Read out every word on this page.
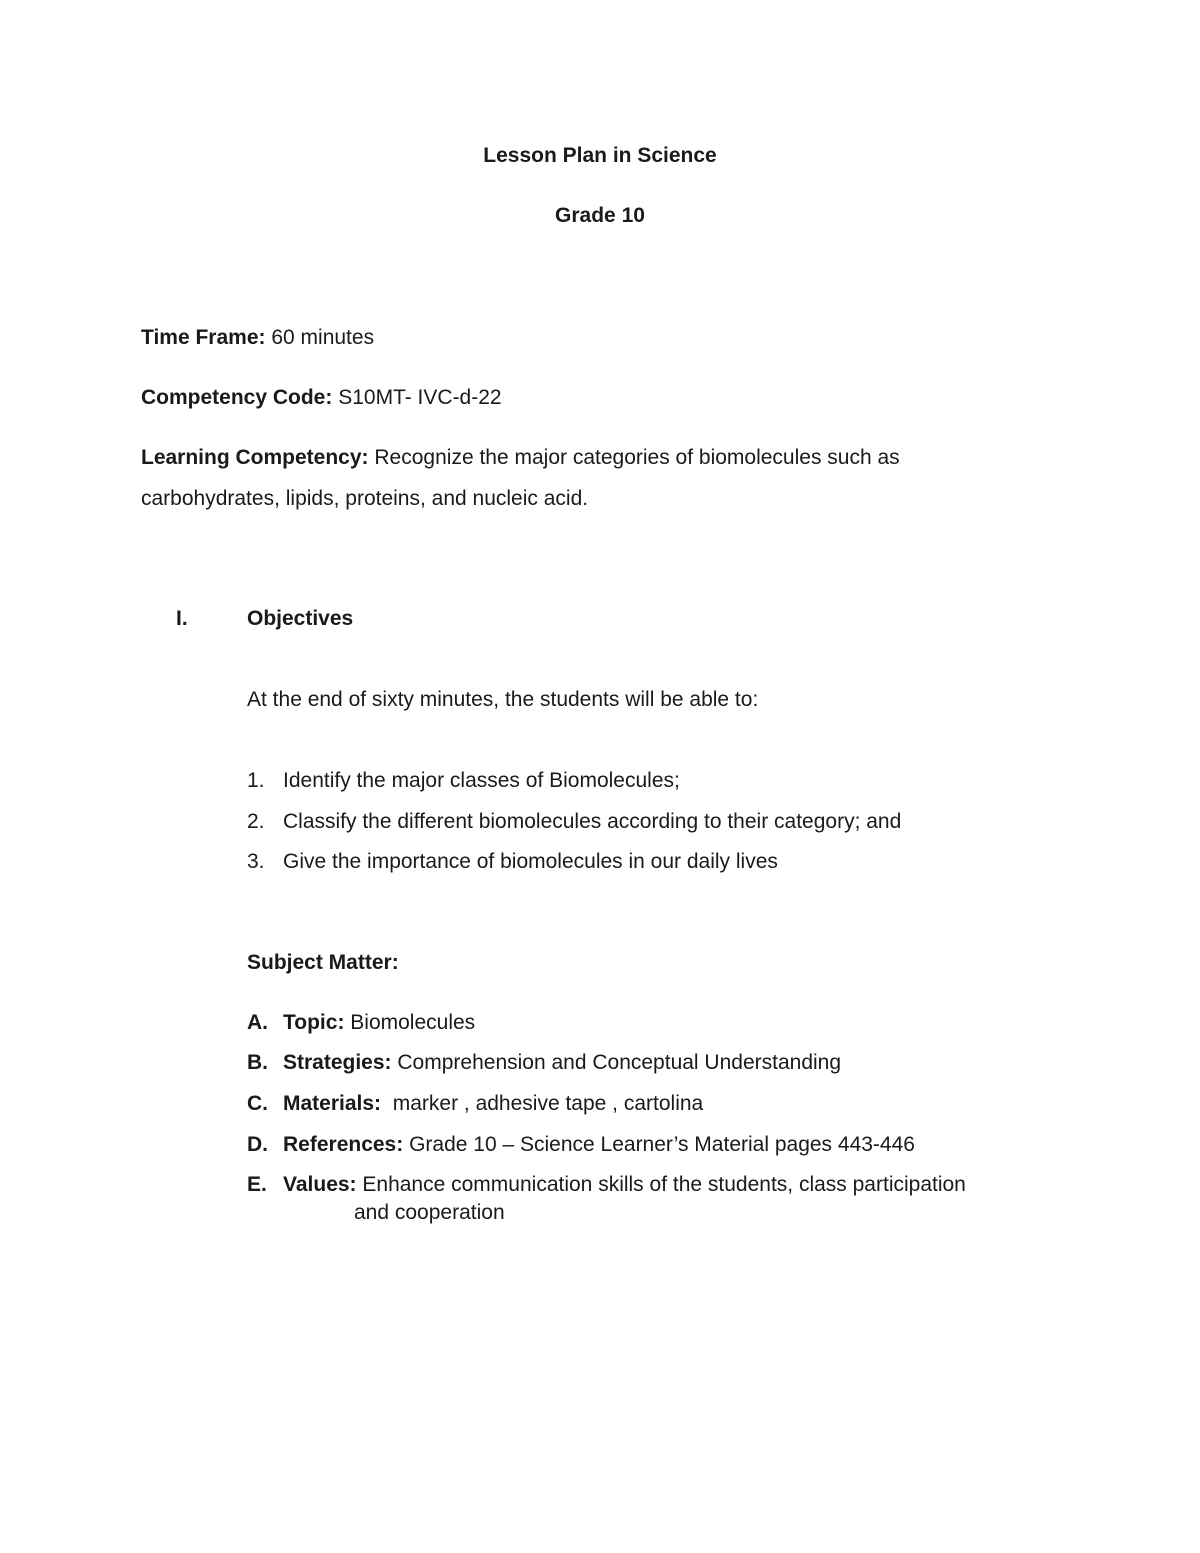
Lesson Plan in Science
Grade 10
Time Frame: 60 minutes
Competency Code: S10MT- IVC-d-22
Learning Competency: Recognize the major categories of biomolecules such as
carbohydrates, lipids, proteins, and nucleic acid.
I.	Objectives
At the end of sixty minutes, the students will be able to:
1. Identify the major classes of Biomolecules;
2. Classify the different biomolecules according to their category; and
3. Give the importance of biomolecules in our daily lives
Subject Matter:
A. Topic: Biomolecules
B. Strategies: Comprehension and Conceptual Understanding
C. Materials:  marker , adhesive tape , cartolina
D. References: Grade 10 – Science Learner’s Material pages 443-446
E. Values: Enhance communication skills of the students, class participation
and cooperation
